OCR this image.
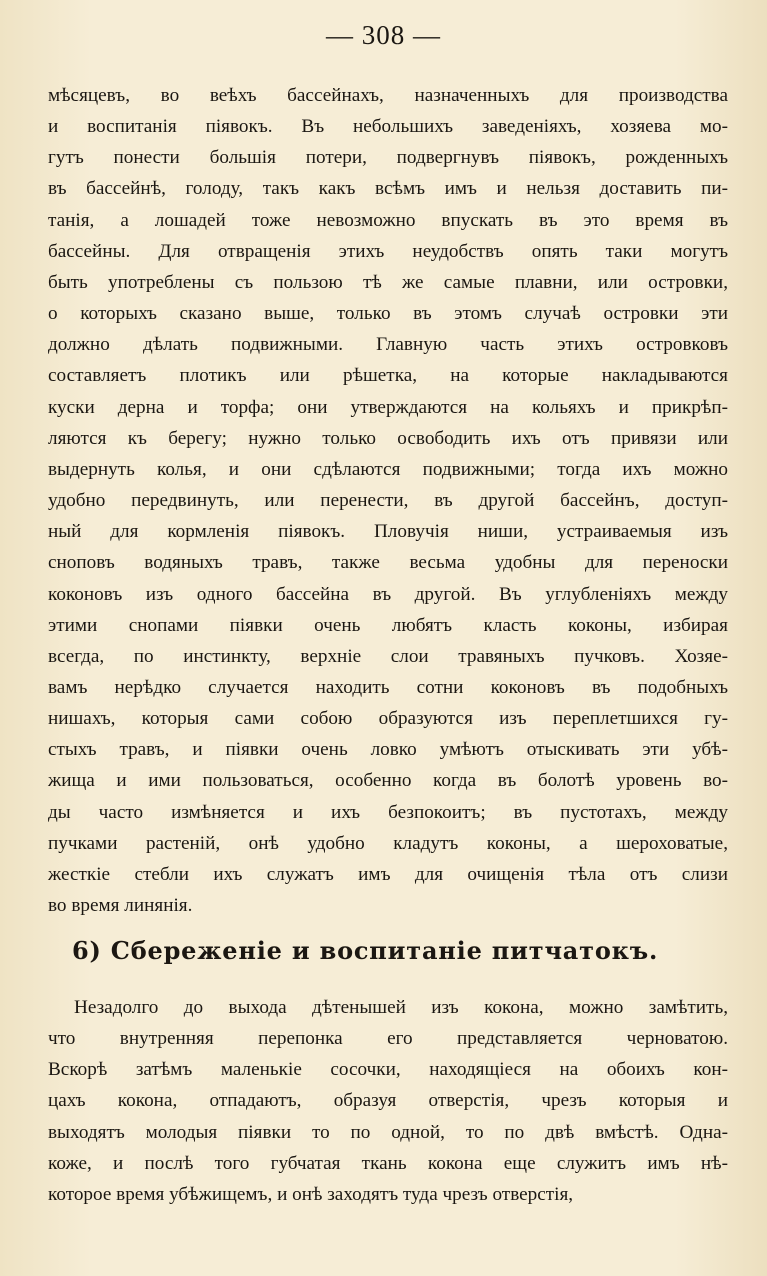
— 308 —
мѣсяцевъ, во веѣхъ бассейнахъ, назначенныхъ для производства
и воспитанія піявокъ. Въ небольшихъ заведеніяхъ, хозяева мо-
гутъ понести большія потери, подвергнувъ піявокъ, рожденныхъ
въ бассейнѣ, голоду, такъ какъ всѣмъ имъ и нельзя доставить пи-
танія, а лошадей тоже невозможно впускать въ это время въ
бассейны. Для отвращенія этихъ неудобствъ опять таки могутъ
быть употреблены съ пользою тѣ же самые плавни, или островки,
о которыхъ сказано выше, только въ этомъ случаѣ островки эти
должно дѣлать подвижными. Главную часть этихъ островковъ
составляетъ плотикъ или рѣшетка, на которые накладываются
куски дерна и торфа; они утверждаются на кольяхъ и прикрѣп-
ляются къ берегу; нужно только освободить ихъ отъ привязи или
выдернуть колья, и они сдѣлаются подвижными; тогда ихъ можно
удобно передвинуть, или перенести, въ другой бассейнъ, доступ-
ный для кормленія піявокъ. Пловучія ниши, устраиваемыя изъ
сноповъ водяныхъ травъ, также весьма удобны для переноски
коконовъ изъ одного бассейна въ другой. Въ углубленіяхъ между
этими снопами піявки очень любятъ класть коконы, избирая
всегда, по инстинкту, верхніе слои травяныхъ пучковъ. Хозяе-
вамъ нерѣдко случается находить сотни коконовъ въ подобныхъ
нишахъ, которыя сами собою образуются изъ переплетшихся гу-
стыхъ травъ, и піявки очень ловко умѣютъ отыскивать эти убѣ-
жища и ими пользоваться, особенно когда въ болотѣ уровень во-
ды часто измѣняется и ихъ безпокоитъ; въ пустотахъ, между
пучками растеній, онѣ удобно кладутъ коконы, а шероховатые,
жесткіе стебли ихъ служатъ имъ для очищенія тѣла отъ слизи
во время линянія.
6) Сбереженіе и воспитаніе питчатокъ.
Незадолго до выхода дѣтенышей изъ кокона, можно замѣтить,
что внутренняя перепонка его представляется черноватою.
Вскорѣ затѣмъ маленькіе сосочки, находящіеся на обоихъ кон-
цахъ кокона, отпадаютъ, образуя отверстія, чрезъ которыя и
выходятъ молодыя піявки то по одной, то по двѣ вмѣстѣ. Одна-
коже, и послѣ того губчатая ткань кокона еще служитъ имъ нѣ-
которое время убѣжищемъ, и онѣ заходятъ туда чрезъ отверстія,
